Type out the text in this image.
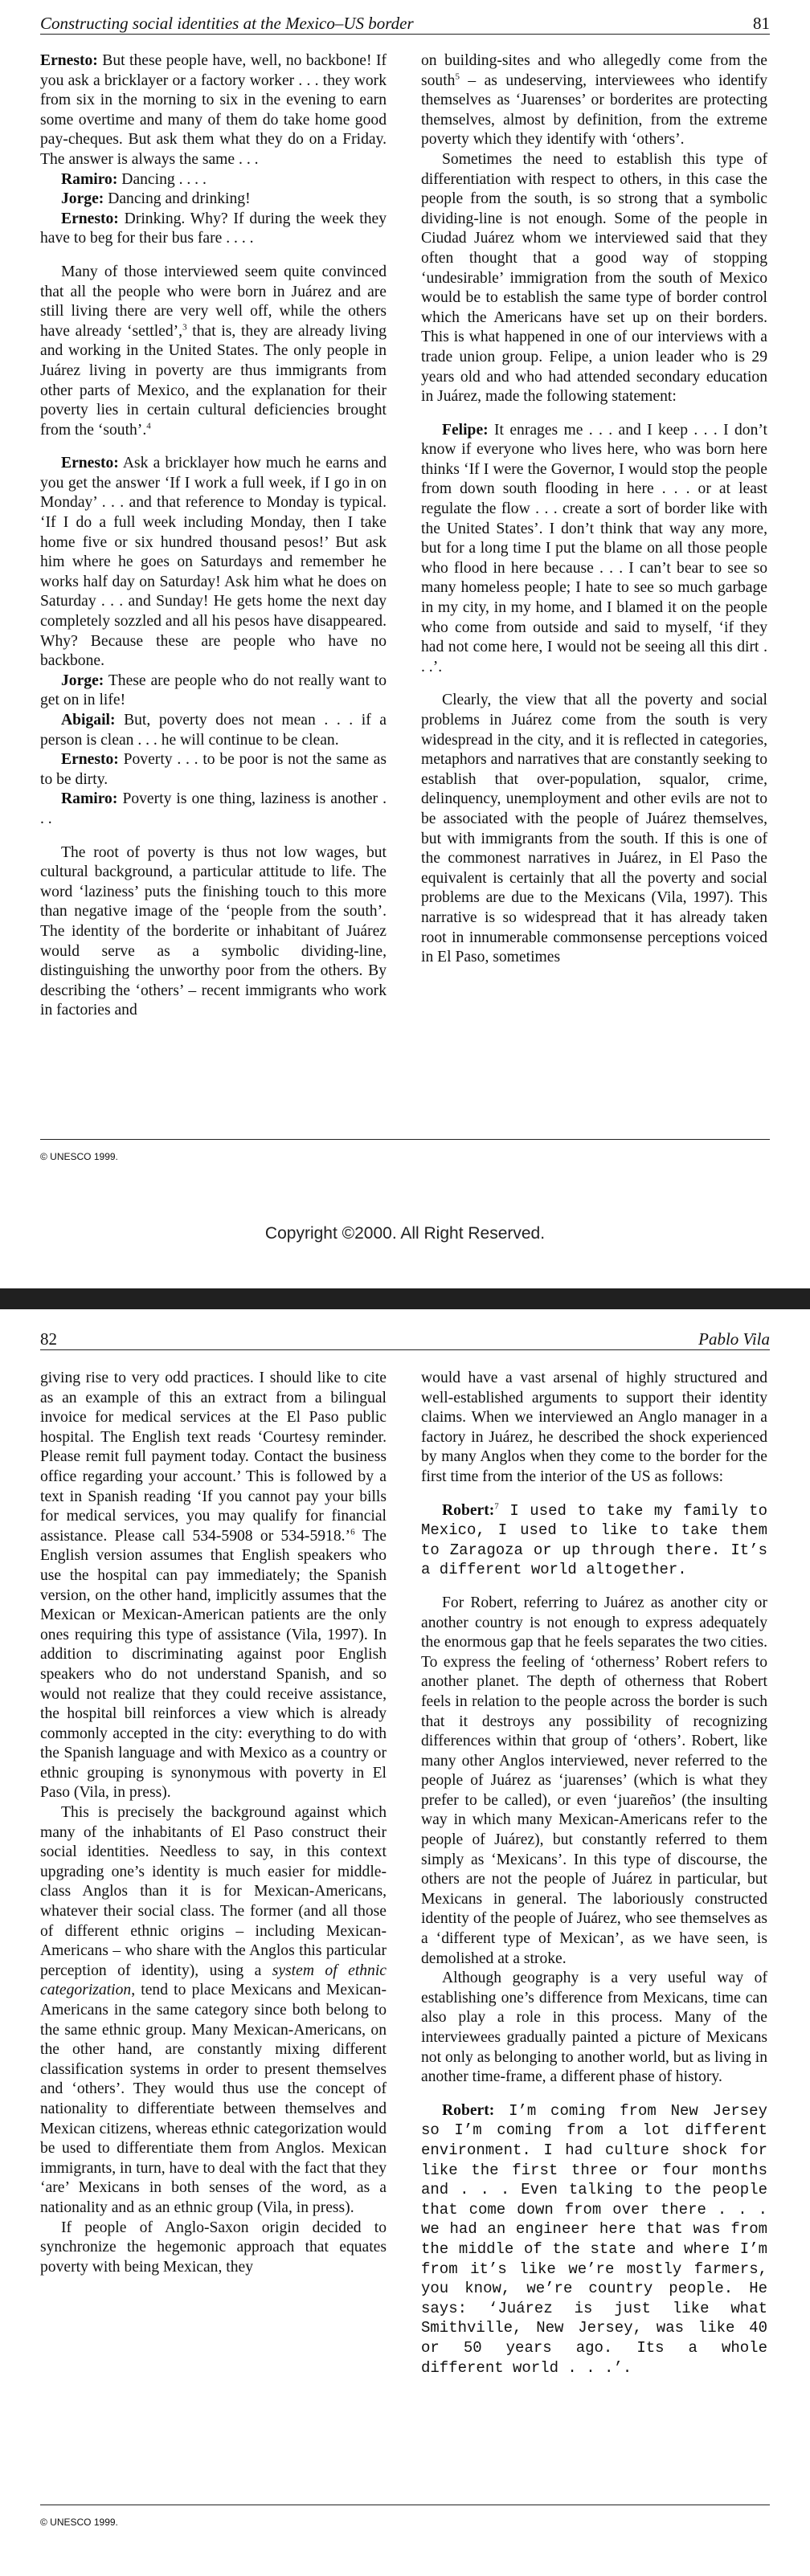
Constructing social identities at the Mexico–US border	81

Ernesto: But these people have, well, no backbone! If you ask a bricklayer or a factory worker . . . they work from six in the morning to six in the evening to earn some overtime and many of them do take home good pay-cheques. But ask them what they do on a Friday. The answer is always the same . . .

Ramiro: Dancing . . . .

Jorge: Dancing and drinking!

Ernesto: Drinking. Why? If during the week they have to beg for their bus fare . . . .

Many of those interviewed seem quite convinced that all the people who were born in Juárez and are still living there are very well off, while the others have already ‘settled’,$^3$ that is, they are already living and working in the United States. The only people in Juárez living in poverty are thus immigrants from other parts of Mexico, and the explanation for their poverty lies in certain cultural deficiencies brought from the ‘south’.$^4$

Ernesto: Ask a bricklayer how much he earns and you get the answer ‘If I work a full week, if I go in on Monday’ . . . and that reference to Monday is typical. ‘If I do a full week including Monday, then I take home five or six hundred thousand pesos!’ But ask him where he goes on Saturdays and remember he works half day on Saturday! Ask him what he does on Saturday . . . and Sunday! He gets home the next day completely sozzled and all his pesos have disappeared. Why? Because these are people who have no backbone.

Jorge: These are people who do not really want to get on in life!

Abigail: But, poverty does not mean . . . if a person is clean . . . he will continue to be clean.

Ernesto: Poverty . . . to be poor is not the same as to be dirty.

Ramiro: Poverty is one thing, laziness is another . . .

The root of poverty is thus not low wages, but cultural background, a particular attitude to life. The word ‘laziness’ puts the finishing touch to this more than negative image of the ‘people from the south’. The identity of the borderite or inhabitant of Juárez would serve as a symbolic dividing-line, distinguishing the unworthy poor from the others. By describing the ‘others’ – recent immigrants who work in factories and

on building-sites and who allegedly come from the south$^5$ – as undeserving, interviewees who identify themselves as ‘Juarenses’ or borderites are protecting themselves, almost by definition, from the extreme poverty which they identify with ‘others’.

Sometimes the need to establish this type of differentiation with respect to others, in this case the people from the south, is so strong that a symbolic dividing-line is not enough. Some of the people in Ciudad Juárez whom we interviewed said that they often thought that a good way of stopping ‘undesirable’ immigration from the south of Mexico would be to establish the same type of border control which the Americans have set up on their borders. This is what happened in one of our interviews with a trade union group. Felipe, a union leader who is 29 years old and who had attended secondary education in Juárez, made the following statement:

Felipe: It enrages me . . . and I keep . . . I don’t know if everyone who lives here, who was born here thinks ‘If I were the Governor, I would stop the people from down south flooding in here . . . or at least regulate the flow . . . create a sort of border like with the United States’. I don’t think that way any more, but for a long time I put the blame on all those people who flood in here because . . . I can’t bear to see so many homeless people; I hate to see so much garbage in my city, in my home, and I blamed it on the people who come from outside and said to myself, ‘if they had not come here, I would not be seeing all this dirt . . .’.

Clearly, the view that all the poverty and social problems in Juárez come from the south is very widespread in the city, and it is reflected in categories, metaphors and narratives that are constantly seeking to establish that over-population, squalor, crime, delinquency, unemployment and other evils are not to be associated with the people of Juárez themselves, but with immigrants from the south. If this is one of the commonest narratives in Juárez, in El Paso the equivalent is certainly that all the poverty and social problems are due to the Mexicans (Vila, 1997). This narrative is so widespread that it has already taken root in innumerable commonsense perceptions voiced in El Paso, sometimes

© UNESCO 1999.
Copyright ©2000. All Right Reserved.
82	Pablo Vila

giving rise to very odd practices. I should like to cite as an example of this an extract from a bilingual invoice for medical services at the El Paso public hospital. The English text reads ‘Courtesy reminder. Please remit full payment today. Contact the business office regarding your account.’ This is followed by a text in Spanish reading ‘If you cannot pay your bills for medical services, you may qualify for financial assistance. Please call 534-5908 or 534-5918.’$^6$ The English version assumes that English speakers who use the hospital can pay immediately; the Spanish version, on the other hand, implicitly assumes that the Mexican or Mexican-American patients are the only ones requiring this type of assistance (Vila, 1997). In addition to discriminating against poor English speakers who do not understand Spanish, and so would not realize that they could receive assistance, the hospital bill reinforces a view which is already commonly accepted in the city: everything to do with the Spanish language and with Mexico as a country or ethnic grouping is synonymous with poverty in El Paso (Vila, in press).

This is precisely the background against which many of the inhabitants of El Paso construct their social identities. Needless to say, in this context upgrading one’s identity is much easier for middle-class Anglos than it is for Mexican-Americans, whatever their social class. The former (and all those of different ethnic origins – including Mexican-Americans – who share with the Anglos this particular perception of identity), using a system of ethnic categorization, tend to place Mexicans and Mexican-Americans in the same category since both belong to the same ethnic group. Many Mexican-Americans, on the other hand, are constantly mixing different classification systems in order to present themselves and ‘others’. They would thus use the concept of nationality to differentiate between themselves and Mexican citizens, whereas ethnic categorization would be used to differentiate them from Anglos. Mexican immigrants, in turn, have to deal with the fact that they ‘are’ Mexicans in both senses of the word, as a nationality and as an ethnic group (Vila, in press).

If people of Anglo-Saxon origin decided to synchronize the hegemonic approach that equates poverty with being Mexican, they

would have a vast arsenal of highly structured and well-established arguments to support their identity claims. When we interviewed an Anglo manager in a factory in Juárez, he described the shock experienced by many Anglos when they come to the border for the first time from the interior of the US as follows:

Robert:$^7$ I used to take my family to Mexico, I used to like to take them to Zaragoza or up through there. It’s a different world altogether.

For Robert, referring to Juárez as another city or another country is not enough to express adequately the enormous gap that he feels separates the two cities. To express the feeling of ‘otherness’ Robert refers to another planet. The depth of otherness that Robert feels in relation to the people across the border is such that it destroys any possibility of recognizing differences within that group of ‘others’. Robert, like many other Anglos interviewed, never referred to the people of Juárez as ‘juarenses’ (which is what they prefer to be called), or even ‘juareños’ (the insulting way in which many Mexican-Americans refer to the people of Juárez), but constantly referred to them simply as ‘Mexicans’. In this type of discourse, the others are not the people of Juárez in particular, but Mexicans in general. The laboriously constructed identity of the people of Juárez, who see themselves as a ‘different type of Mexican’, as we have seen, is demolished at a stroke.

Although geography is a very useful way of establishing one’s difference from Mexicans, time can also play a role in this process. Many of the interviewees gradually painted a picture of Mexicans not only as belonging to another world, but as living in another time-frame, a different phase of history.

Robert: I’m coming from New Jersey so I’m coming from a lot different environment. I had culture shock for like the first three or four months and . . . Even talking to the people that come down from over there . . . we had an engineer here that was from the middle of the state and where I’m from it’s like we’re mostly farmers, you know, we’re country people. He says: ‘Juárez is just like what Smithville, New Jersey, was like 40 or 50 years ago. Its a whole different world . . .’.

© UNESCO 1999.
